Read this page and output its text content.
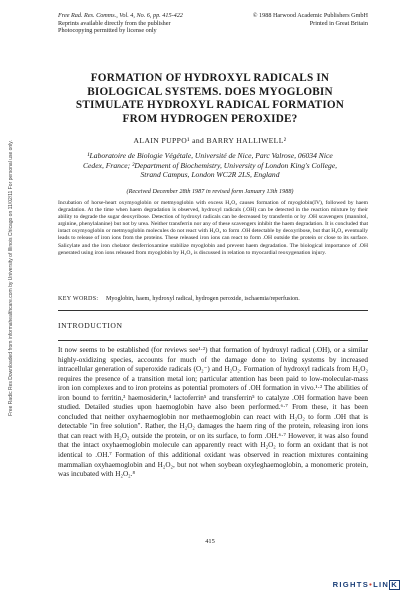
Free Rad. Res. Comms., Vol. 4, No. 6, pp. 415-422
Reprints available directly from the publisher
Photocopying permitted by license only
© 1988 Harwood Academic Publishers GmbH
Printed in Great Britain
Free Radic Res Downloaded from informahealthcare.com by University of Illinois Chicago on 11/02/11 For personal use only.
FORMATION OF HYDROXYL RADICALS IN
BIOLOGICAL SYSTEMS. DOES MYOGLOBIN
STIMULATE HYDROXYL RADICAL FORMATION
FROM HYDROGEN PEROXIDE?
ALAIN PUPPO¹ and BARRY HALLIWELL²
¹Laboratoire de Biologie Végétale, Université de Nice, Parc Valrose, 06034 Nice Cedex, France; ²Department of Biochemistry, University of London King's College, Strand Campus, London WC2R 2LS, England
(Received December 28th 1987 in revised form January 13th 1988)
Incubation of horse-heart oxymyoglobin or metmyoglobin with excess H₂O₂ causes formation of myoglobin(IV), followed by haem degradation. At the time when haem degradation is observed, hydroxyl radicals (.OH) can be detected in the reaction mixture by their ability to degrade the sugar deoxyribose. Detection of hydroxyl radicals can be decreased by transferrin or by .OH scavengers (mannitol, arginine, phenylalanine) but not by urea. Neither transferrin nor any of these scavengers inhibit the haem degradation. It is concluded that intact oxymyoglobin or metmyoglobin molecules do not react with H₂O₂ to form .OH detectable by deoxyribose, but that H₂O₂ eventually leads to release of iron ions from the proteins. These released iron ions can react to form .OH outside the protein or close to its surface. Salicylate and the iron chelator desferrioxamine stabilize myoglobin and prevent haem degradation. The biological importance of .OH generated using iron ions released from myoglobin by H₂O₂ is discussed in relation to myocardial reoxygenation injury.
KEY WORDS: Myoglobin, haem, hydroxyl radical, hydrogen peroxide, ischaemia/reperfusion.
INTRODUCTION

It now seems to be established (for reviews see¹·²) that formation of hydroxyl radical (.OH), or a similar highly-oxidizing species, accounts for much of the damage done to living systems by increased intracellular generation of superoxide radicals (O₂⁻) and H₂O₂. Formation of hydroxyl radicals from H₂O₂ requires the presence of a transition metal ion; particular attention has been paid to low-molecular-mass iron ion complexes and to iron proteins as potential promoters of .OH formation in vivo.¹·² The abilities of iron bound to ferritin,³ haemosiderin,⁴ lactoferrin⁵ and transferrin⁵ to catalyze .OH formation have been studied. Detailed studies upon haemoglobin have also been performed.⁶·⁷ From these, it has been concluded that neither oxyhaemoglobin nor methaemoglobin can react with H₂O₂ to form .OH that is detectable "in free solution". Rather, the H₂O₂ damages the haem ring of the protein, releasing iron ions that can react with H₂O₂ outside the protein, or on its surface, to form .OH.⁶·⁷ However, it was also found that the intact oxyhaemoglobin molecule can apparently react with H₂O₂ to form an oxidant that is not identical to .OH.⁷ Formation of this additional oxidant was observed in reaction mixtures containing mammalian oxyhaemoglobin and H₂O₂, but not when soybean oxyleghaemoglobin, a monomeric protein, was incubated with H₂O₂.⁸

415
RIGHTS•LIN K
